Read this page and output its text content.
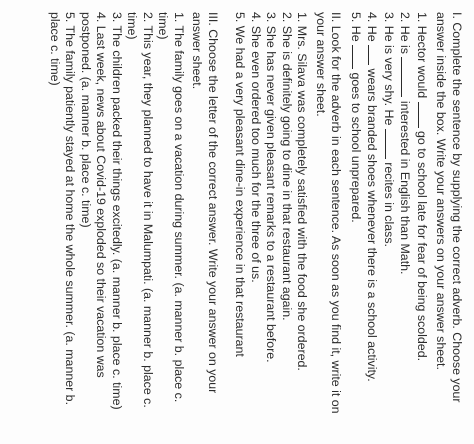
I. Complete the sentence by supplying the correct adverb. Choose your answer inside the box. Write your answers on your answer sheet.

1. Hector would  go to school late for fear of being scolded.

2. He is  interested in English than Math.

3. He is very shy. He  recites in class.

4. He  wears branded shoes whenever there is a school activity.

5. He  goes to school unprepared.

II. Look for the adverb in each sentence. As soon as you find it, write it on your answer sheet.

1. Mrs. Silava was completely satisfied with the food she ordered.

2. She is definitely going to dine in that restaurant again.

3. She has never given pleasant remarks to a restaurant before.

4. She even ordered too much for the three of us.

5. We had a very pleasant dine-in experience in that restaurant

III. Choose the letter of the correct answer. Write your answer on your answer sheet.

1. The family goes on a vacation during summer. (a. manner b. place c. time)

2. This year, they planned to have it in Malumpati. (a. manner b. place c. time)

3. The children packed their things excitedly. (a. manner b. place c. time)

4. Last week, news about Covid-19 exploded so their vacation was postponed. (a. manner b. place c. time)

5. The family patiently stayed at home the whole summer. (a. manner b. place c. time)
